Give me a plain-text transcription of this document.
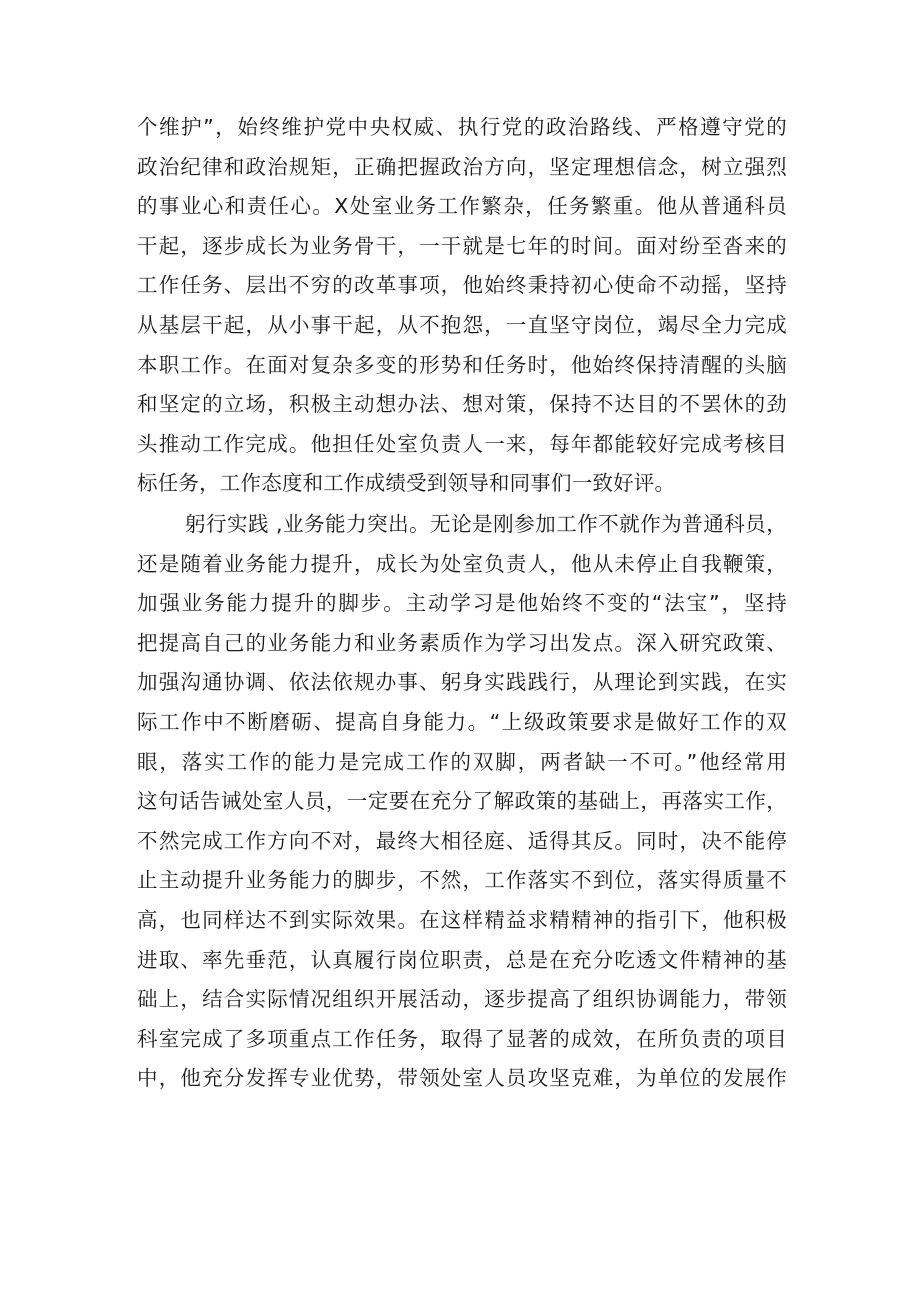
个维护”，始终维护党中央权威、执行党的政治路线、严格遵守党的
政治纪律和政治规矩，正确把握政治方向，坚定理想信念，树立强烈
的事业心和责任心。X处室业务工作繁杂，任务繁重。他从普通科员
干起，逐步成长为业务骨干，一干就是七年的时间。面对纷至沓来的
工作任务、层出不穷的改革事项，他始终秉持初心使命不动摇，坚持
从基层干起，从小事干起，从不抱怨，一直坚守岗位，竭尽全力完成
本职工作。在面对复杂多变的形势和任务时，他始终保持清醒的头脑
和坚定的立场，积极主动想办法、想对策，保持不达目的不罢休的劲
头推动工作完成。他担任处室负责人一来，每年都能较好完成考核目
标任务，工作态度和工作成绩受到领导和同事们一致好评。
躬行实践 ,业务能力突出。无论是刚参加工作不就作为普通科员，
还是随着业务能力提升，成长为处室负责人，他从未停止自我鞭策，
加强业务能力提升的脚步。主动学习是他始终不变的“法宝”，坚持
把提高自己的业务能力和业务素质作为学习出发点。深入研究政策、
加强沟通协调、依法依规办事、躬身实践践行，从理论到实践，在实
际工作中不断磨砺、提高自身能力。“上级政策要求是做好工作的双
眼，落实工作的能力是完成工作的双脚，两者缺一不可。”他经常用
这句话告诫处室人员，一定要在充分了解政策的基础上，再落实工作，
不然完成工作方向不对，最终大相径庭、适得其反。同时，决不能停
止主动提升业务能力的脚步，不然，工作落实不到位，落实得质量不
高，也同样达不到实际效果。在这样精益求精精神的指引下，他积极
进取、率先垂范，认真履行岗位职责，总是在充分吃透文件精神的基
础上，结合实际情况组织开展活动，逐步提高了组织协调能力，带领
科室完成了多项重点工作任务，取得了显著的成效，在所负责的项目
中，他充分发挥专业优势，带领处室人员攻坚克难，为单位的发展作
